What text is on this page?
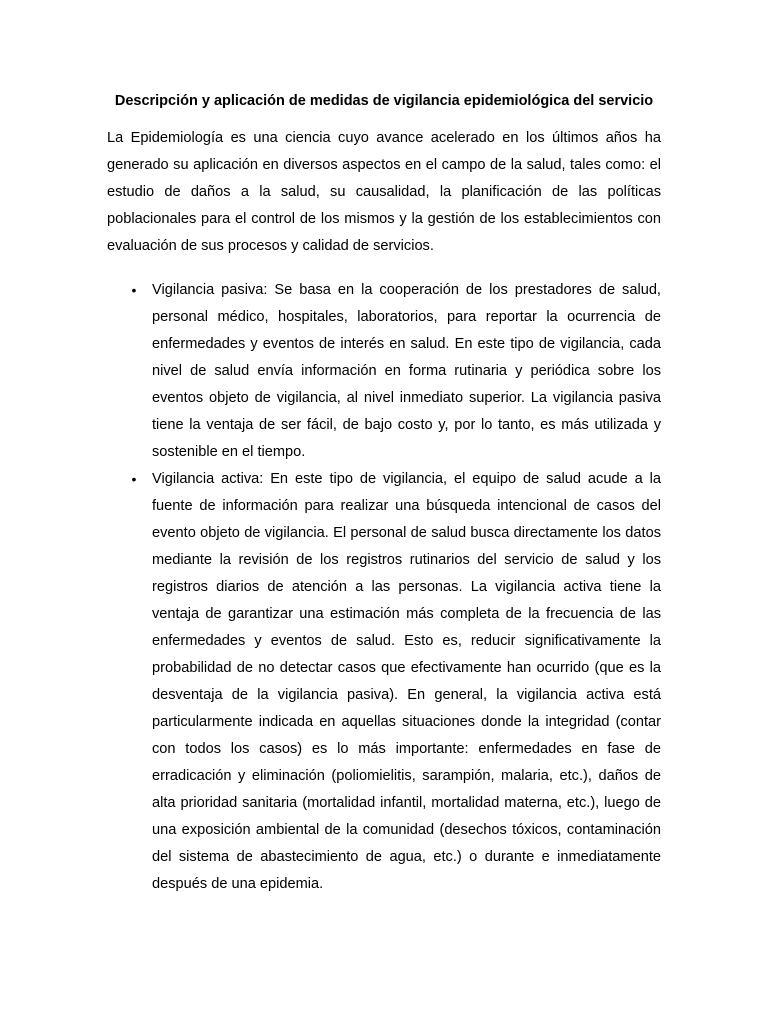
Descripción y aplicación de medidas de vigilancia epidemiológica del servicio

La Epidemiología es una ciencia cuyo avance acelerado en los últimos años ha generado su aplicación en diversos aspectos en el campo de la salud, tales como: el estudio de daños a la salud, su causalidad, la planificación de las políticas poblacionales para el control de los mismos y la gestión de los establecimientos con evaluación de sus procesos y calidad de servicios.

• Vigilancia pasiva: Se basa en la cooperación de los prestadores de salud, personal médico, hospitales, laboratorios, para reportar la ocurrencia de enfermedades y eventos de interés en salud. En este tipo de vigilancia, cada nivel de salud envía información en forma rutinaria y periódica sobre los eventos objeto de vigilancia, al nivel inmediato superior. La vigilancia pasiva tiene la ventaja de ser fácil, de bajo costo y, por lo tanto, es más utilizada y sostenible en el tiempo.
• Vigilancia activa: En este tipo de vigilancia, el equipo de salud acude a la fuente de información para realizar una búsqueda intencional de casos del evento objeto de vigilancia. El personal de salud busca directamente los datos mediante la revisión de los registros rutinarios del servicio de salud y los registros diarios de atención a las personas. La vigilancia activa tiene la ventaja de garantizar una estimación más completa de la frecuencia de las enfermedades y eventos de salud. Esto es, reducir significativamente la probabilidad de no detectar casos que efectivamente han ocurrido (que es la desventaja de la vigilancia pasiva). En general, la vigilancia activa está particularmente indicada en aquellas situaciones donde la integridad (contar con todos los casos) es lo más importante: enfermedades en fase de erradicación y eliminación (poliomielitis, sarampión, malaria, etc.), daños de alta prioridad sanitaria (mortalidad infantil, mortalidad materna, etc.), luego de una exposición ambiental de la comunidad (desechos tóxicos, contaminación del sistema de abastecimiento de agua, etc.) o durante e inmediatamente después de una epidemia.
